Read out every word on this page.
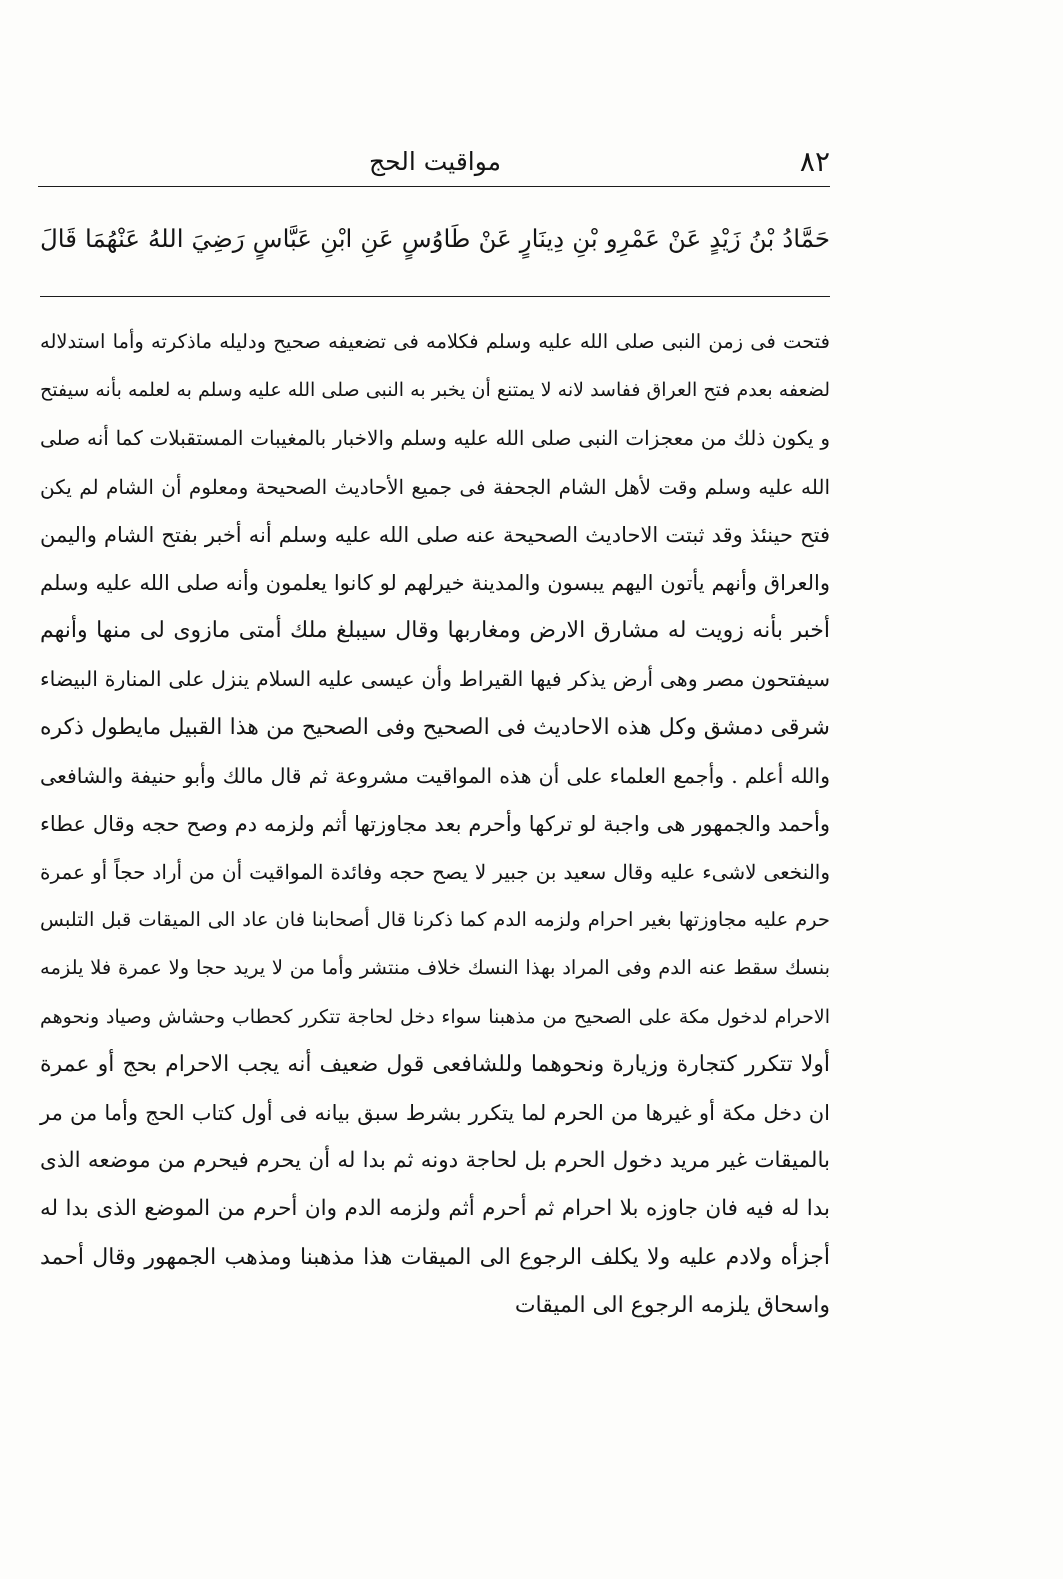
٨٢
مواقيت الحج
حَمَّادُ بْنُ زَيْدٍ عَنْ عَمْرِو بْنِ دِينَارٍ عَنْ طَاوُسٍ عَنِ ابْنِ عَبَّاسٍ رَضِيَ اللهُ عَنْهُمَا قَالَ
فتحت فى زمن النبى صلى الله عليه وسلم فكلامه فى تضعيفه صحيح ودليله ماذكرته وأما استدلاله
لضعفه بعدم فتح العراق ففاسد لانه لا يمتنع أن يخبر به النبى صلى الله عليه وسلم به لعلمه بأنه سيفتح
و يكون ذلك من معجزات النبى صلى الله عليه وسلم والاخبار بالمغيبات المستقبلات كما أنه صلى
الله عليه وسلم وقت لأهل الشام الجحفة فى جميع الأحاديث الصحيحة ومعلوم أن الشام لم يكن
فتح حينئذ وقد ثبتت الاحاديث الصحيحة عنه صلى الله عليه وسلم أنه أخبر بفتح الشام واليمن
والعراق وأنهم يأتون اليهم يبسون والمدينة خيرلهم لو كانوا يعلمون وأنه صلى الله عليه وسلم
أخبر بأنه زويت له مشارق الارض ومغاربها وقال سيبلغ ملك أمتى مازوى لى منها وأنهم
سيفتحون مصر وهى أرض يذكر فيها القيراط وأن عيسى عليه السلام ينزل على المنارة البيضاء
شرقى دمشق وكل هذه الاحاديث فى الصحيح وفى الصحيح من هذا القبيل مايطول ذكره
والله أعلم . وأجمع العلماء على أن هذه المواقيت مشروعة ثم قال مالك وأبو حنيفة والشافعى
وأحمد والجمهور هى واجبة لو تركها وأحرم بعد مجاوزتها أثم ولزمه دم وصح حجه وقال عطاء
والنخعى لاشىء عليه وقال سعيد بن جبير لا يصح حجه وفائدة المواقيت أن من أراد حجاً أو عمرة
حرم عليه مجاوزتها بغير احرام ولزمه الدم كما ذكرنا قال أصحابنا فان عاد الى الميقات قبل التلبس
بنسك سقط عنه الدم وفى المراد بهذا النسك خلاف منتشر وأما من لا يريد حجا ولا عمرة فلا يلزمه
الاحرام لدخول مكة على الصحيح من مذهبنا سواء دخل لحاجة تتكرر كحطاب وحشاش وصياد ونحوهم
أولا تتكرر كتجارة وزيارة ونحوهما وللشافعى قول ضعيف أنه يجب الاحرام بحج أو عمرة
ان دخل مكة أو غيرها من الحرم لما يتكرر بشرط سبق بيانه فى أول كتاب الحج وأما من مر
بالميقات غير مريد دخول الحرم بل لحاجة دونه ثم بدا له أن يحرم فيحرم من موضعه الذى
بدا له فيه فان جاوزه بلا احرام ثم أحرم أثم ولزمه الدم وان أحرم من الموضع الذى بدا له
أجزأه ولادم عليه ولا يكلف الرجوع الى الميقات هذا مذهبنا ومذهب الجمهور وقال أحمد
واسحاق يلزمه الرجوع الى الميقات
